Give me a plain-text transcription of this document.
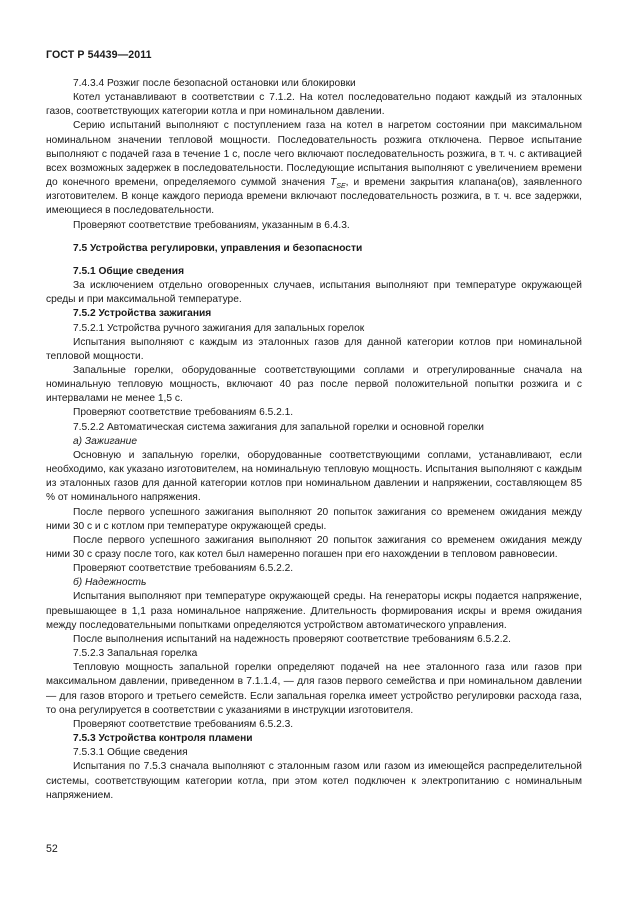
ГОСТ Р 54439—2011

7.4.3.4 Розжиг после безопасной остановки или блокировки

Котел устанавливают в соответствии с 7.1.2. На котел последовательно подают каждый из эталонных газов, соответствующих категории котла и при номинальном давлении.

Серию испытаний выполняют с поступлением газа на котел в нагретом состоянии при максимальном номинальном значении тепловой мощности. Последовательность розжига отключена. Первое испытание выполняют с подачей газа в течение 1 с, после чего включают последовательность розжига, в т. ч. с активацией всех возможных задержек в последовательности. Последующие испытания выполняют с увеличением времени до конечного времени, определяемого суммой значения $T_{SE}$, и времени закрытия клапана(ов), заявленного изготовителем. В конце каждого периода времени включают последовательность розжига, в т. ч. все задержки, имеющиеся в последовательности.

Проверяют соответствие требованиям, указанным в 6.4.3.

7.5 Устройства регулировки, управления и безопасности

7.5.1 Общие сведения

За исключением отдельно оговоренных случаев, испытания выполняют при температуре окружающей среды и при максимальной температуре.

7.5.2 Устройства зажигания

7.5.2.1 Устройства ручного зажигания для запальных горелок

Испытания выполняют с каждым из эталонных газов для данной категории котлов при номинальной тепловой мощности.

Запальные горелки, оборудованные соответствующими соплами и отрегулированные сначала на номинальную тепловую мощность, включают 40 раз после первой положительной попытки розжига и с интервалами не менее 1,5 с.

Проверяют соответствие требованиям 6.5.2.1.

7.5.2.2 Автоматическая система зажигания для запальной горелки и основной горелки

а) Зажигание

Основную и запальную горелки, оборудованные соответствующими соплами, устанавливают, если необходимо, как указано изготовителем, на номинальную тепловую мощность. Испытания выполняют с каждым из эталонных газов для данной категории котлов при номинальном давлении и напряжении, составляющем 85 % от номинального напряжения.

После первого успешного зажигания выполняют 20 попыток зажигания со временем ожидания между ними 30 с и с котлом при температуре окружающей среды.

После первого успешного зажигания выполняют 20 попыток зажигания со временем ожидания между ними 30 с сразу после того, как котел был намеренно погашен при его нахождении в тепловом равновесии.

Проверяют соответствие требованиям 6.5.2.2.

б) Надежность

Испытания выполняют при температуре окружающей среды. На генераторы искры подается напряжение, превышающее в 1,1 раза номинальное напряжение. Длительность формирования искры и время ожидания между последовательными попытками определяются устройством автоматического управления.

После выполнения испытаний на надежность проверяют соответствие требованиям 6.5.2.2.

7.5.2.3 Запальная горелка

Тепловую мощность запальной горелки определяют подачей на нее эталонного газа или газов при максимальном давлении, приведенном в 7.1.1.4, — для газов первого семейства и при номинальном давлении — для газов второго и третьего семейств. Если запальная горелка имеет устройство регулировки расхода газа, то она регулируется в соответствии с указаниями в инструкции изготовителя.

Проверяют соответствие требованиям 6.5.2.3.

7.5.3 Устройства контроля пламени

7.5.3.1 Общие сведения

Испытания по 7.5.3 сначала выполняют с эталонным газом или газом из имеющейся распределительной системы, соответствующим категории котла, при этом котел подключен к электропитанию с номинальным напряжением.

52
